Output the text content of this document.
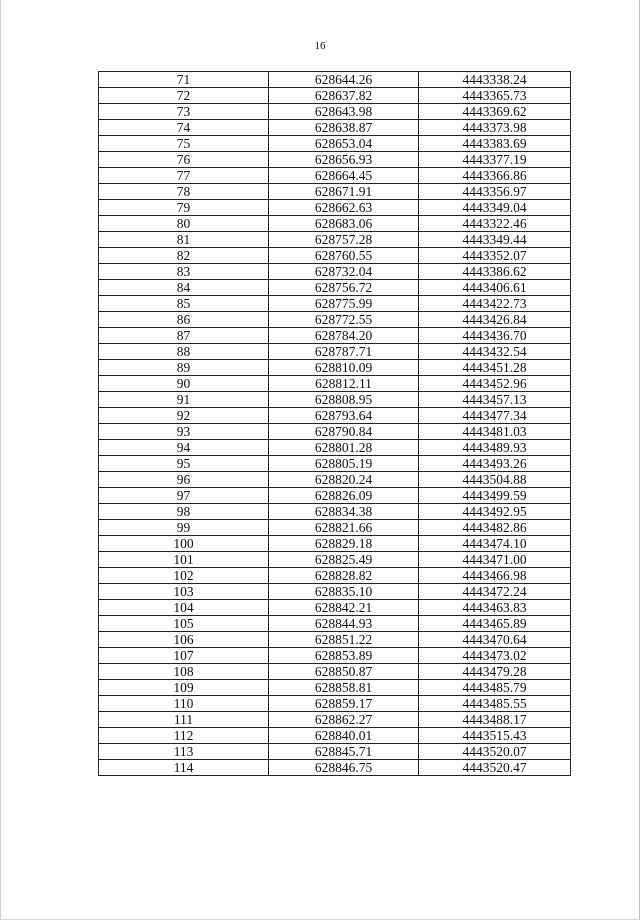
16
71	628644.26	4443338.24
72	628637.82	4443365.73
73	628643.98	4443369.62
74	628638.87	4443373.98
75	628653.04	4443383.69
76	628656.93	4443377.19
77	628664.45	4443366.86
78	628671.91	4443356.97
79	628662.63	4443349.04
80	628683.06	4443322.46
81	628757.28	4443349.44
82	628760.55	4443352.07
83	628732.04	4443386.62
84	628756.72	4443406.61
85	628775.99	4443422.73
86	628772.55	4443426.84
87	628784.20	4443436.70
88	628787.71	4443432.54
89	628810.09	4443451.28
90	628812.11	4443452.96
91	628808.95	4443457.13
92	628793.64	4443477.34
93	628790.84	4443481.03
94	628801.28	4443489.93
95	628805.19	4443493.26
96	628820.24	4443504.88
97	628826.09	4443499.59
98	628834.38	4443492.95
99	628821.66	4443482.86
100	628829.18	4443474.10
101	628825.49	4443471.00
102	628828.82	4443466.98
103	628835.10	4443472.24
104	628842.21	4443463.83
105	628844.93	4443465.89
106	628851.22	4443470.64
107	628853.89	4443473.02
108	628850.87	4443479.28
109	628858.81	4443485.79
110	628859.17	4443485.55
111	628862.27	4443488.17
112	628840.01	4443515.43
113	628845.71	4443520.07
114	628846.75	4443520.47
